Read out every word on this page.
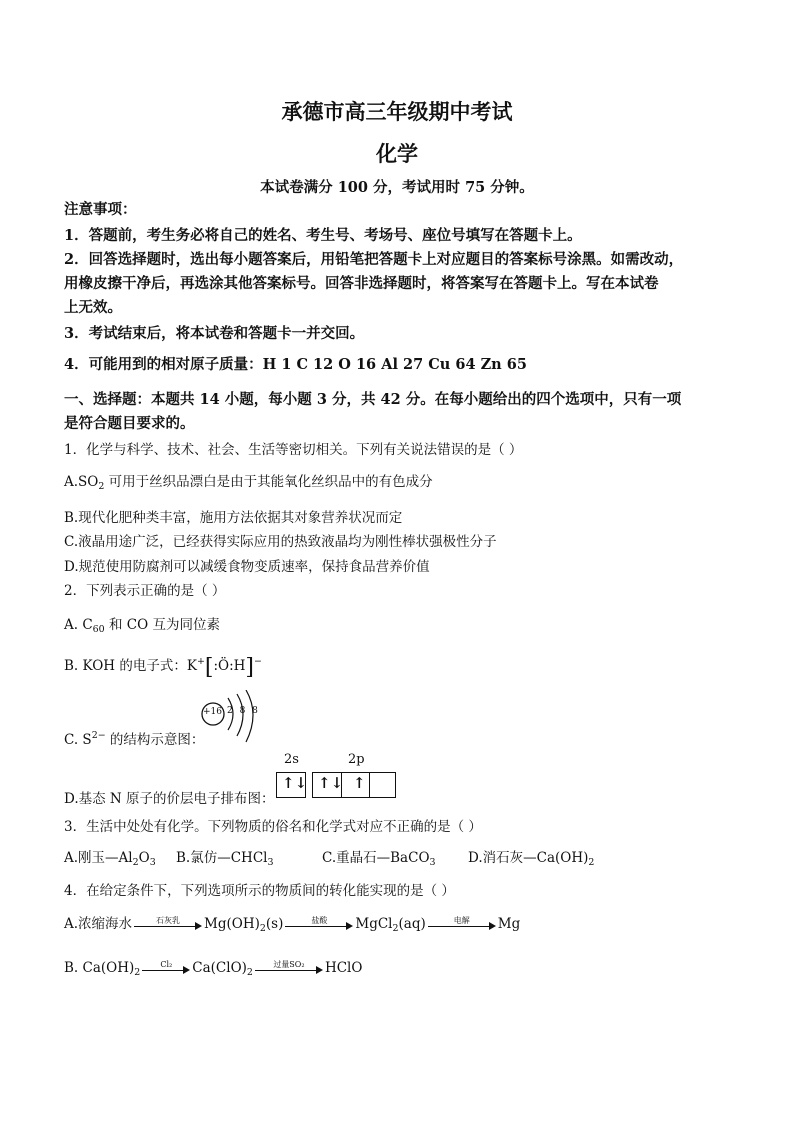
承德市高三年级期中考试
化学
本试卷满分 100 分，考试用时 75 分钟。
注意事项：
1．答题前，考生务必将自己的姓名、考生号、考场号、座位号填写在答题卡上。
2．回答选择题时，选出每小题答案后，用铅笔把答题卡上对应题目的答案标号涂黑。如需改动，
用橡皮擦干净后，再选涂其他答案标号。回答非选择题时，将答案写在答题卡上。写在本试卷
上无效。
3．考试结束后，将本试卷和答题卡一并交回。
4．可能用到的相对原子质量：H 1 C 12 O 16 Al 27 Cu 64 Zn 65
一、选择题：本题共 14 小题，每小题 3 分，共 42 分。在每小题给出的四个选项中，只有一项
是符合题目要求的。
1．化学与科学、技术、社会、生活等密切相关。下列有关说法错误的是（ ）
$A.SO_2$ 可用于丝织品漂白是由于其能氧化丝织品中的有色成分
B.现代化肥种类丰富，施用方法依据其对象营养状况而定
C.液晶用途广泛，已经获得实际应用的热致液晶均为刚性棒状强极性分子
D.规范使用防腐剂可以减缓食物变质速率，保持食品营养价值
2．下列表示正确的是（ ）
A. $C_{60}$ 和 CO 互为同位素
B. KOH 的电子式：K+[:Ö:H]−
+16 2 8 8
C. $S^{2-}$ 的结构示意图：
2s	2p
↑↓ ↑↓ ↑
D.基态 N 原子的价层电子排布图：
3．生活中处处有化学。下列物质的俗名和化学式对应不正确的是（ ）
A.刚玉$—Al_2O_3$ B.氯仿—CHCl$_3$	C.重晶石—BaCO$_3$ D.消石灰$—Ca(OH)_2$
4．在给定条件下，下列选项所示的物质间的转化能实现的是（ ）
A.浓缩海水	石灰乳	$Mg(OH)_2(s)$	盐酸	MgCl$_2$(aq)	电解	Mg
B. $Ca(OH)_2$
Cl₂	$Ca(ClO)_2$
过量SO₂	HClO
